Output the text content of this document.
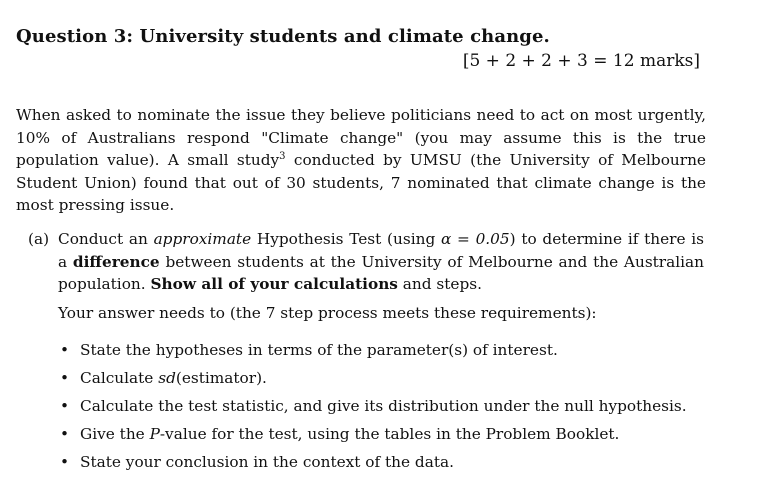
Question 3: University students and climate change.
[5 + 2 + 2 + 3 = 12 marks]
When asked to nominate the issue they believe politicians need to act on most urgently, 10% of Australians respond "Climate change" (you may assume this is the true population value). A small study$^3$ conducted by UMSU (the University of Melbourne Student Union) found that out of 30 students, 7 nominated that climate change is the most pressing issue.
(a) Conduct an approximate Hypothesis Test (using α = 0.05) to determine if there is a difference between students at the University of Melbourne and the Australian population. Show all of your calculations and steps.
Your answer needs to (the 7 step process meets these requirements):
• State the hypotheses in terms of the parameter(s) of interest.
• Calculate sd(estimator).
• Calculate the test statistic, and give its distribution under the null hypothesis.
• Give the P-value for the test, using the tables in the Problem Booklet.
• State your conclusion in the context of the data.
